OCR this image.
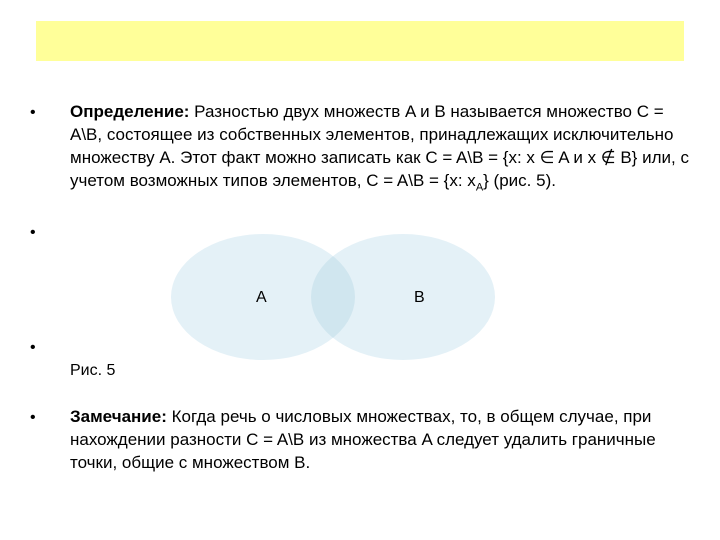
• Определение: Разностью двух множеств A и B называется множество C = A\B, состоящее из собственных элементов, принадлежащих исключительно множеству A. Этот факт можно записать как C = A\B = {x: x ∈ A и x ∉ B} или, с учетом возможных типов элементов, C = A\B = {x: $x_A$} (рис. 5).
•
A	B
•
Рис. 5
• Замечание: Когда речь о числовых множествах, то, в общем случае, при нахождении разности C = A\B из множества A следует удалить граничные точки, общие с множеством B.
